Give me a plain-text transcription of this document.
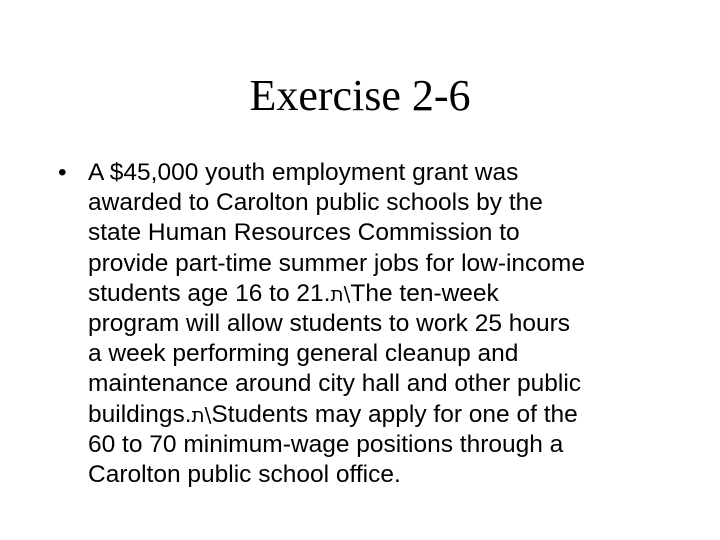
Exercise 2-6
• A $45,000 youth employment grant was
awarded to Carolton public schools by the
state Human Resources Commission to
provide part-time summer jobs for low-income
students age 16 to 21.ת\The ten-week
program will allow students to work 25 hours
a week performing general cleanup and
maintenance around city hall and other public
buildings.ת\Students may apply for one of the
60 to 70 minimum-wage positions through a
Carolton public school office.
